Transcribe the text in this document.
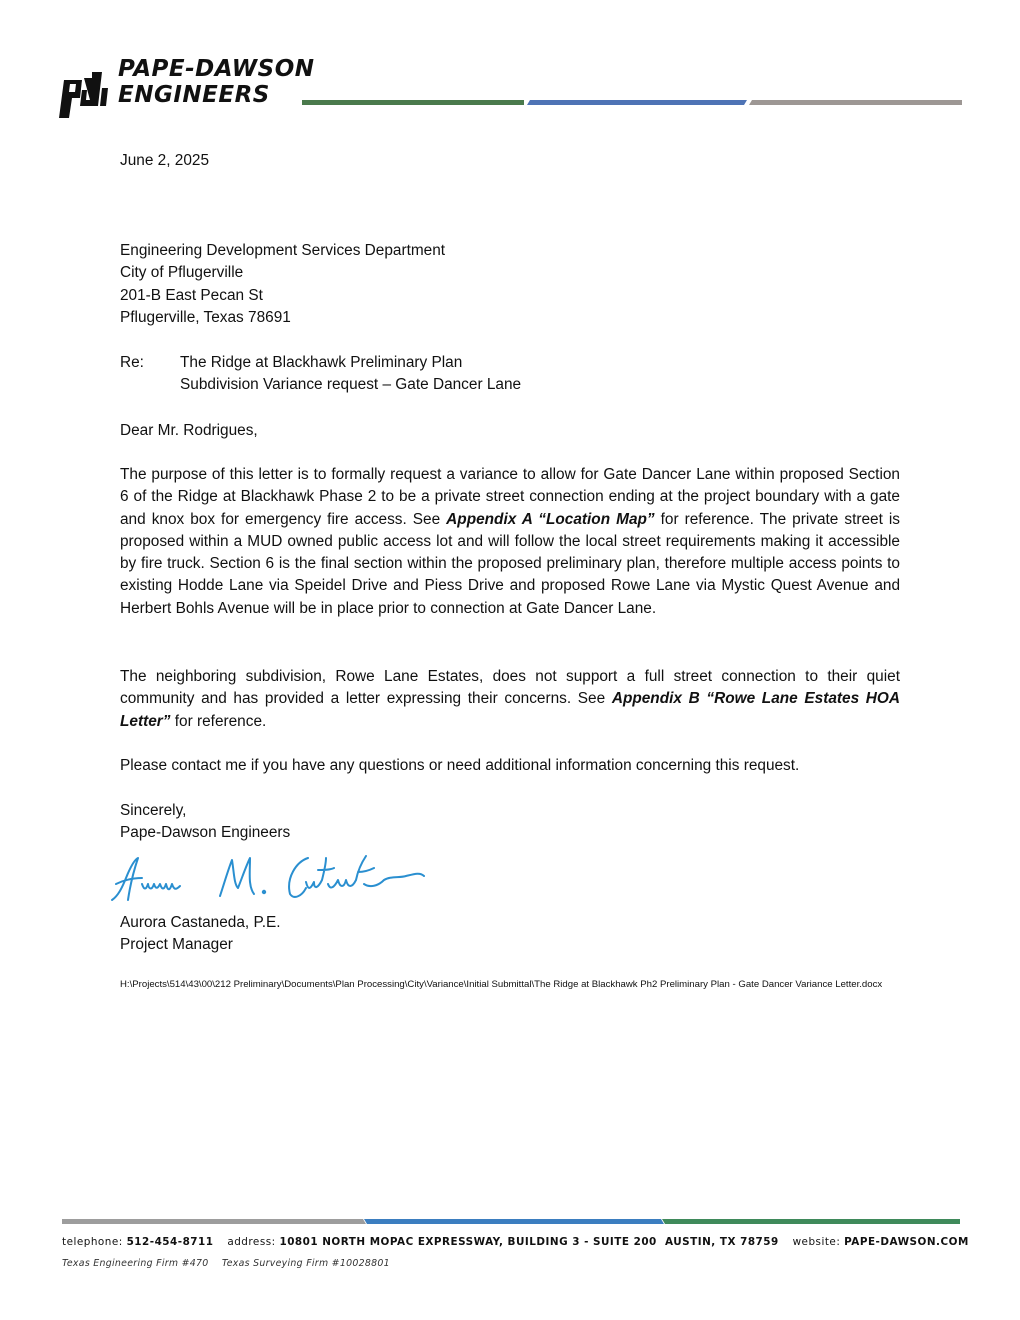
PAPE-DAWSON
ENGINEERS
June 2, 2025
Engineering Development Services Department
City of Pflugerville
201-B East Pecan St
Pflugerville, Texas 78691
Re:	The Ridge at Blackhawk Preliminary Plan
Subdivision Variance request – Gate Dancer Lane
Dear Mr. Rodrigues,
The purpose of this letter is to formally request a variance to allow for Gate Dancer Lane within proposed Section 6 of the Ridge at Blackhawk Phase 2 to be a private street connection ending at the project boundary with a gate and knox box for emergency fire access. See Appendix A “Location Map” for reference. The private street is proposed within a MUD owned public access lot and will follow the local street requirements making it accessible by fire truck. Section 6 is the final section within the proposed preliminary plan, therefore multiple access points to existing Hodde Lane via Speidel Drive and Piess Drive and proposed Rowe Lane via Mystic Quest Avenue and Herbert Bohls Avenue will be in place prior to connection at Gate Dancer Lane.
The neighboring subdivision, Rowe Lane Estates, does not support a full street connection to their quiet community and has provided a letter expressing their concerns. See Appendix B “Rowe Lane Estates HOA Letter” for reference.
Please contact me if you have any questions or need additional information concerning this request.
Sincerely,
Pape-Dawson Engineers
Aurora Castaneda, P.E.
Project Manager
H:\Projects\514\43\00\212 Preliminary\Documents\Plan Processing\City\Variance\Initial Submittal\The Ridge at Blackhawk Ph2 Preliminary Plan - Gate Dancer Variance Letter.docx
telephone: 512-454-8711 address: 10801 NORTH MOPAC EXPRESSWAY, BUILDING 3 - SUITE 200  AUSTIN, TX 78759 website: PAPE-DAWSON.COM
Texas Engineering Firm #470 Texas Surveying Firm #10028801
